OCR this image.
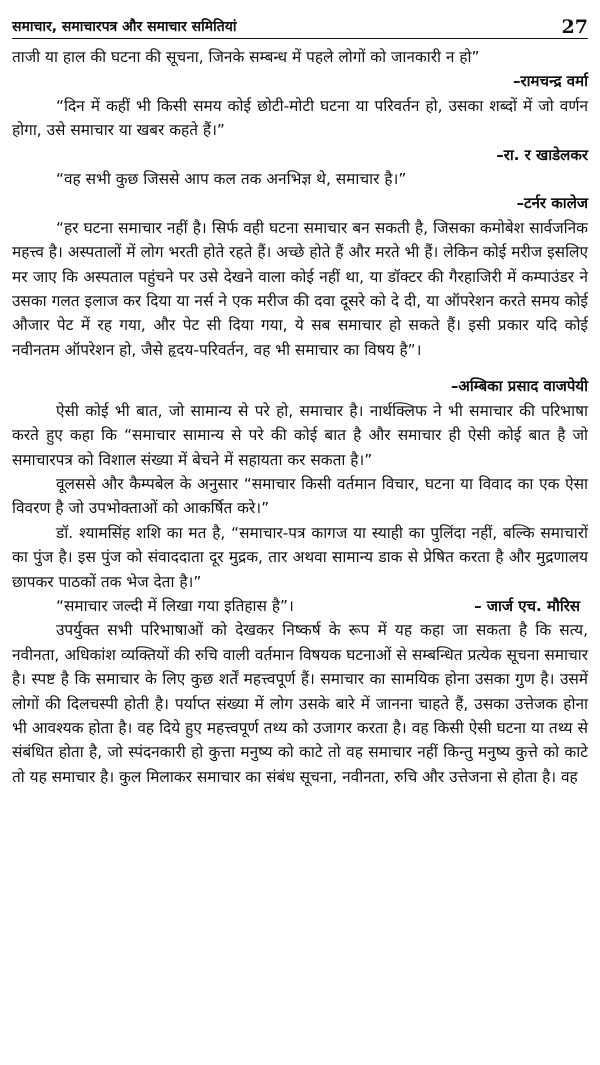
समाचार, समाचारपत्र और समाचार समितियां	27

ताजी या हाल की घटना की सूचना, जिनके सम्बन्ध में पहले लोगों को जानकारी न हो”

–रामचन्द्र वर्मा

“दिन में कहीं भी किसी समय कोई छोटी-मोटी घटना या परिवर्तन हो, उसका शब्दों में जो वर्णन होगा, उसे समाचार या खबर कहते हैं।”

–रा. र खाडेलकर

“वह सभी कुछ जिससे आप कल तक अनभिज्ञ थे, समाचार है।”

–टर्नर कालेज

“हर घटना समाचार नहीं है। सिर्फ वही घटना समाचार बन सकती है, जिसका कमोबेश सार्वजनिक महत्त्व है। अस्पतालों में लोग भरती होते रहते हैं। अच्छे होते हैं और मरते भी हैं। लेकिन कोई मरीज इसलिए मर जाए कि अस्पताल पहुंचने पर उसे देखने वाला कोई नहीं था, या डॉक्टर की गैरहाजिरी में कम्पाउंडर ने उसका गलत इलाज कर दिया या नर्स ने एक मरीज की दवा दूसरे को दे दी, या ऑपरेशन करते समय कोई औजार पेट में रह गया, और पेट सी दिया गया, ये सब समाचार हो सकते हैं। इसी प्रकार यदि कोई नवीनतम ऑपरेशन हो, जैसे हृदय-परिवर्तन, वह भी समाचार का विषय है”।

–अम्बिका प्रसाद वाजपेयी

ऐसी कोई भी बात, जो सामान्य से परे हो, समाचार है। नार्थक्लिफ ने भी समाचार की परिभाषा करते हुए कहा कि “समाचार सामान्य से परे की कोई बात है और समाचार ही ऐसी कोई बात है जो समाचारपत्र को विशाल संख्या में बेचने में सहायता कर सकता है।”

वूलससे और कैम्पबेल के अनुसार “समाचार किसी वर्तमान विचार, घटना या विवाद का एक ऐसा विवरण है जो उपभोक्ताओं को आकर्षित करे।”

डॉ. श्यामसिंह शशि का मत है, “समाचार-पत्र कागज या स्याही का पुलिंदा नहीं, बल्कि समाचारों का पुंज है। इस पुंज को संवाददाता दूर मुद्रक, तार अथवा सामान्य डाक से प्रेषित करता है और मुद्रणालय छापकर पाठकों तक भेज देता है।”

“समाचार जल्दी में लिखा गया इतिहास है”।	– जार्ज एच. मौरिस

उपर्युक्त सभी परिभाषाओं को देखकर निष्कर्ष के रूप में यह कहा जा सकता है कि सत्य, नवीनता, अधिकांश व्यक्तियों की रुचि वाली वर्तमान विषयक घटनाओं से सम्बन्धित प्रत्येक सूचना समाचार है। स्पष्ट है कि समाचार के लिए कुछ शर्तें महत्त्वपूर्ण हैं। समाचार का सामयिक होना उसका गुण है। उसमें लोगों की दिलचस्पी होती है। पर्याप्त संख्या में लोग उसके बारे में जानना चाहते हैं, उसका उत्तेजक होना भी आवश्यक होता है। वह दिये हुए महत्त्वपूर्ण तथ्य को उजागर करता है। वह किसी ऐसी घटना या तथ्य से संबंधित होता है, जो स्पंदनकारी हो कुत्ता मनुष्य को काटे तो वह समाचार नहीं किन्तु मनुष्य कुत्ते को काटे तो यह समाचार है। कुल मिलाकर समाचार का संबंध सूचना, नवीनता, रुचि और उत्तेजना से होता है। वह
